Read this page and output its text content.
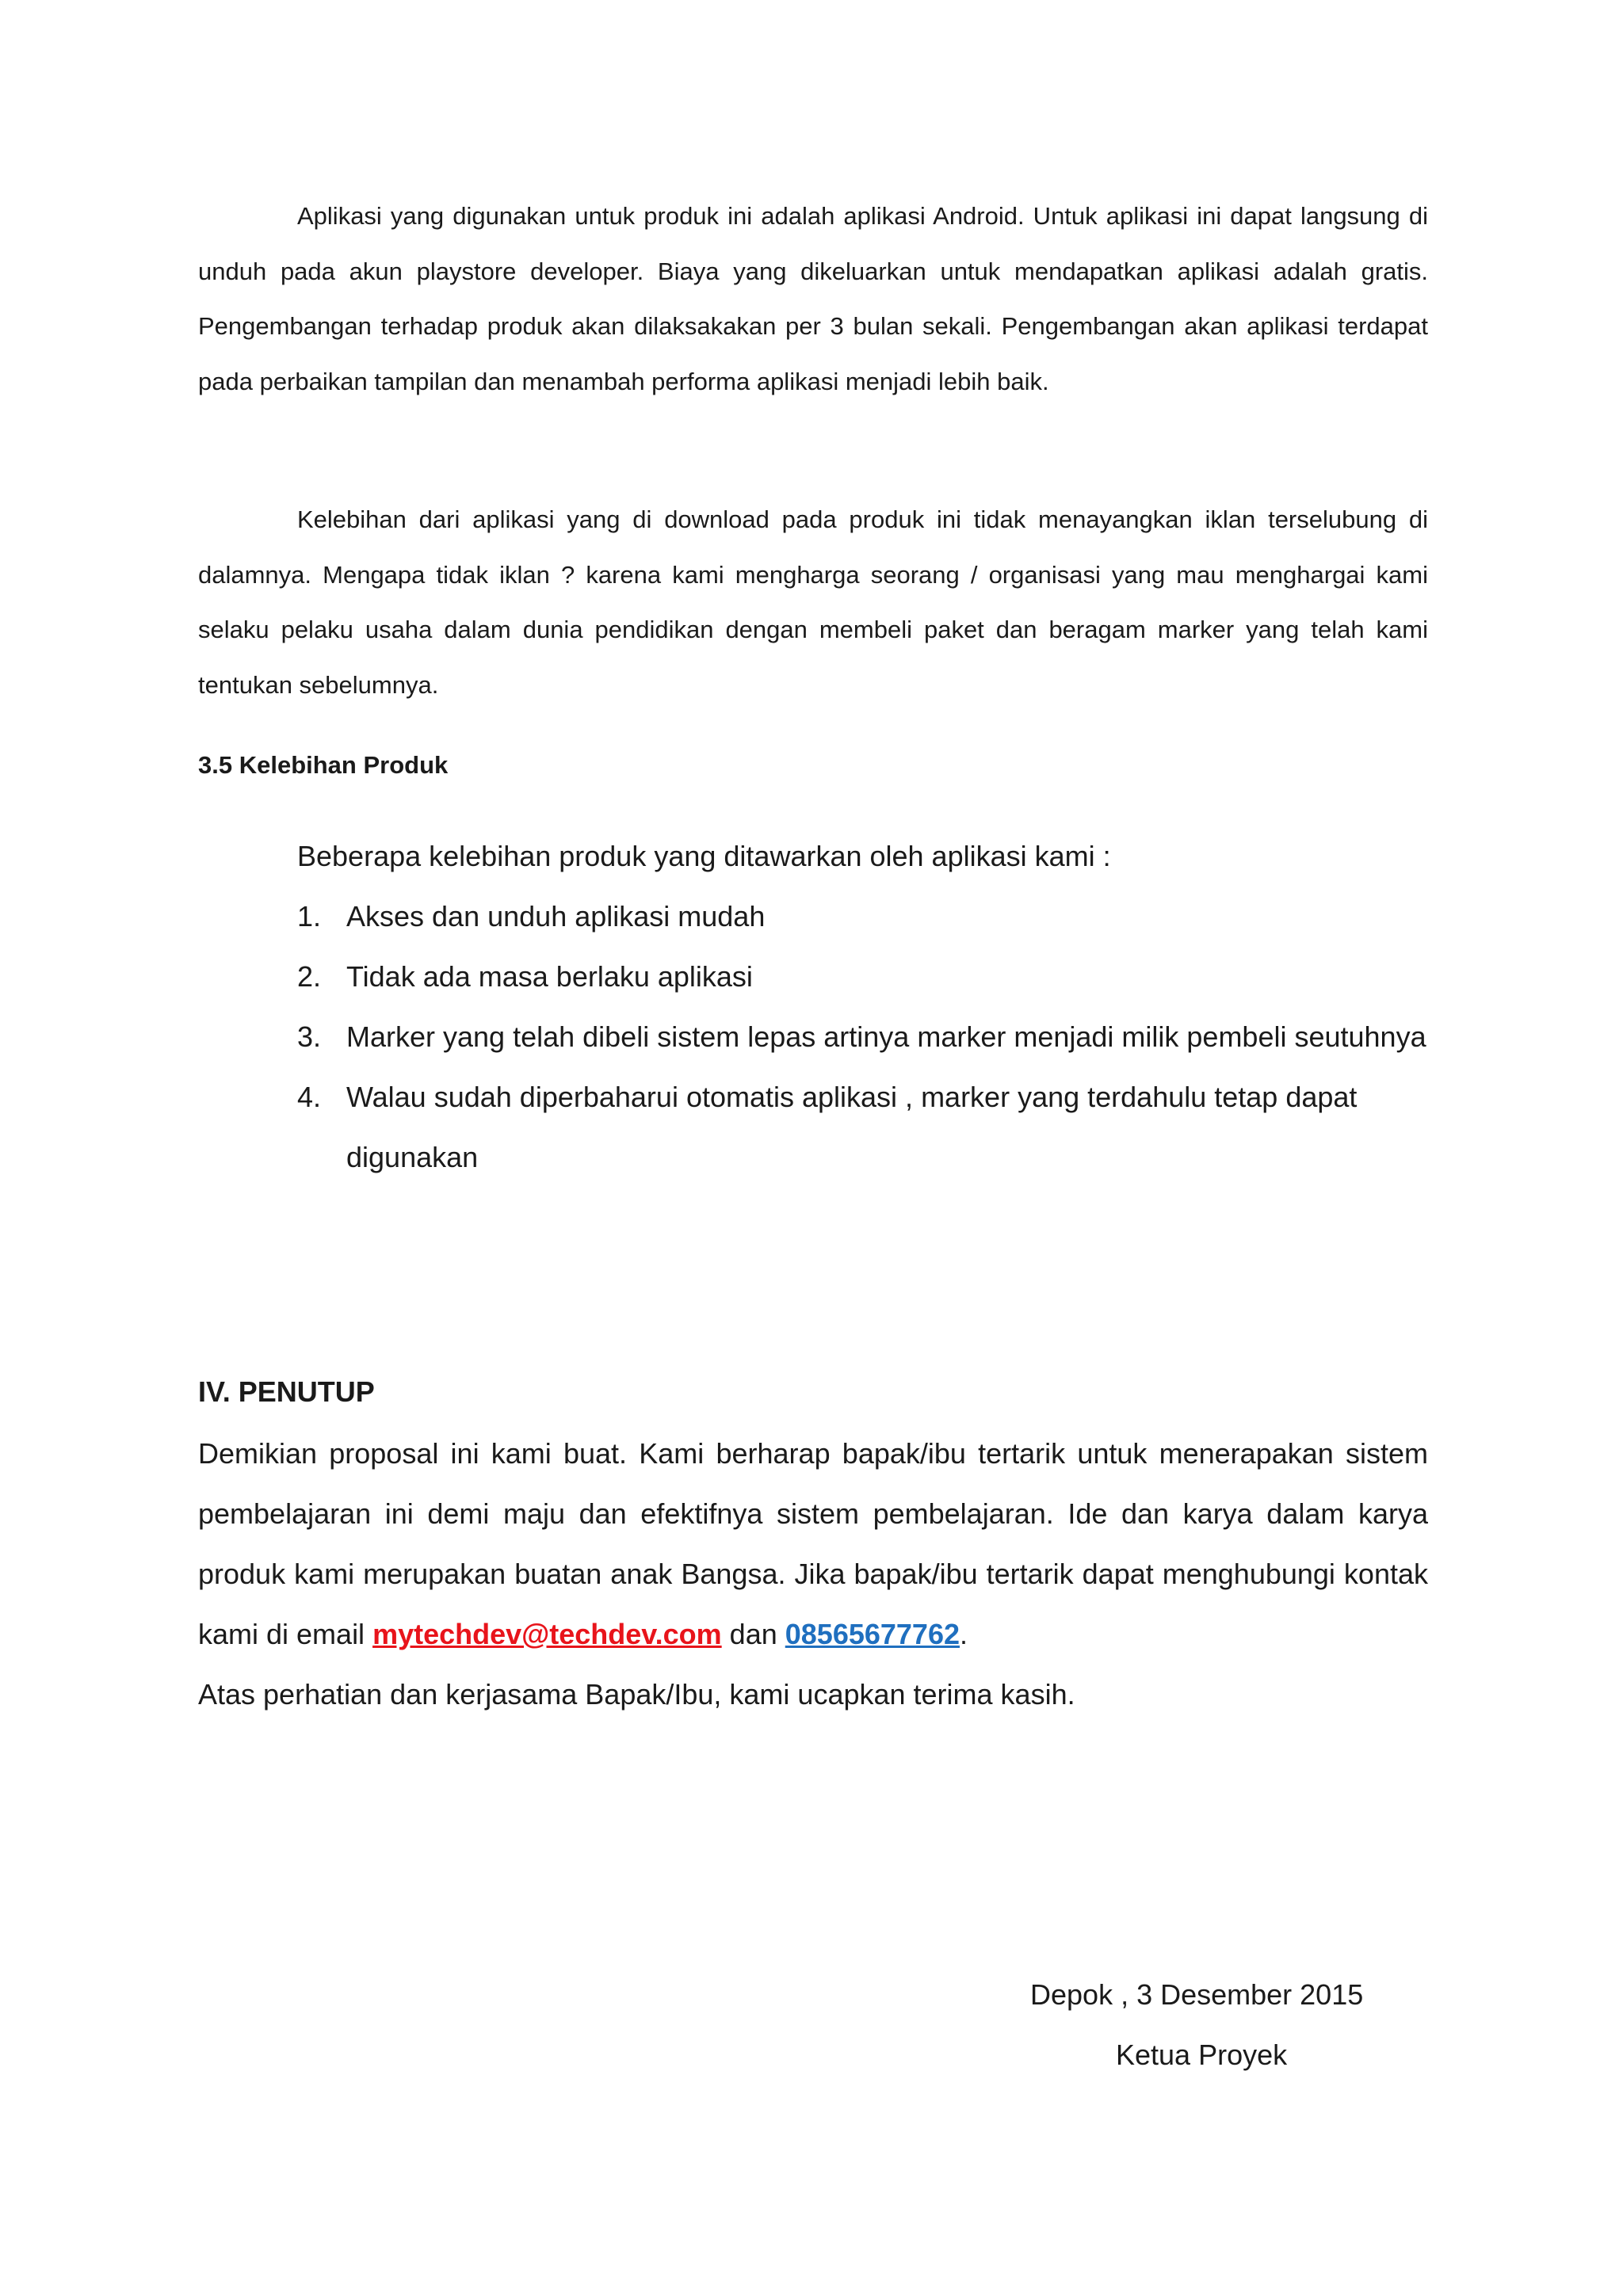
Aplikasi yang digunakan untuk produk ini adalah aplikasi Android. Untuk aplikasi ini dapat langsung di unduh pada akun playstore developer. Biaya yang dikeluarkan untuk mendapatkan aplikasi adalah gratis. Pengembangan terhadap produk akan dilaksakakan per 3 bulan sekali. Pengembangan akan aplikasi terdapat pada perbaikan tampilan dan menambah performa aplikasi menjadi lebih baik.

Kelebihan dari aplikasi yang di download pada produk ini tidak menayangkan iklan terselubung di dalamnya. Mengapa tidak iklan ? karena kami mengharga seorang / organisasi yang mau menghargai kami selaku pelaku usaha dalam dunia pendidikan dengan membeli paket dan beragam marker yang telah kami tentukan sebelumnya.

3.5 Kelebihan Produk

Beberapa kelebihan produk yang ditawarkan oleh aplikasi kami :

1. Akses dan unduh aplikasi mudah
2. Tidak ada masa berlaku aplikasi
3. Marker yang telah dibeli sistem lepas artinya marker menjadi milik pembeli seutuhnya
4. Walau sudah diperbaharui otomatis aplikasi , marker yang terdahulu tetap dapat digunakan

IV. PENUTUP

Demikian proposal ini kami buat. Kami berharap bapak/ibu tertarik untuk menerapakan sistem pembelajaran ini demi maju dan efektifnya sistem pembelajaran. Ide dan karya dalam karya produk kami merupakan buatan anak Bangsa. Jika bapak/ibu tertarik dapat menghubungi kontak kami di email mytechdev@techdev.com dan 08565677762.

Atas perhatian dan kerjasama Bapak/Ibu, kami ucapkan terima kasih.

Depok , 3 Desember 2015

Ketua Proyek
